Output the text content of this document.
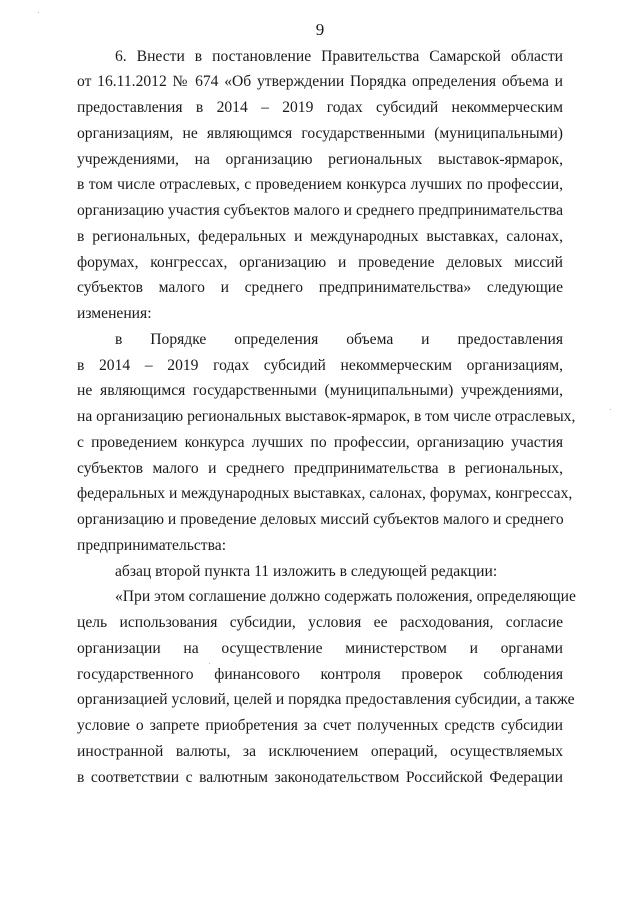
9
6. Внести в постановление Правительства Самарской области
от 16.11.2012 № 674 «Об утверждении Порядка определения объема и
предоставления в 2014 – 2019 годах субсидий некоммерческим
организациям, не являющимся государственными (муниципальными)
учреждениями, на организацию региональных выставок-ярмарок,
в том числе отраслевых, с проведением конкурса лучших по профессии,
организацию участия субъектов малого и среднего предпринимательства
в региональных, федеральных и международных выставках, салонах,
форумах, конгрессах, организацию и проведение деловых миссий
субъектов малого и среднего предпринимательства» следующие
изменения:
в Порядке определения объема и предоставления
в 2014 – 2019 годах субсидий некоммерческим организациям,
не являющимся государственными (муниципальными) учреждениями,
на организацию региональных выставок-ярмарок, в том числе отраслевых,
с проведением конкурса лучших по профессии, организацию участия
субъектов малого и среднего предпринимательства в региональных,
федеральных и международных выставках, салонах, форумах, конгрессах,
организацию и проведение деловых миссий субъектов малого и среднего
предпринимательства:
абзац второй пункта 11 изложить в следующей редакции:
«При этом соглашение должно содержать положения, определяющие
цель использования субсидии, условия ее расходования, согласие
организации на осуществление министерством и органами
государственного финансового контроля проверок соблюдения
организацией условий, целей и порядка предоставления субсидии, а также
условие о запрете приобретения за счет полученных средств субсидии
иностранной валюты, за исключением операций, осуществляемых
в соответствии с валютным законодательством Российской Федерации
